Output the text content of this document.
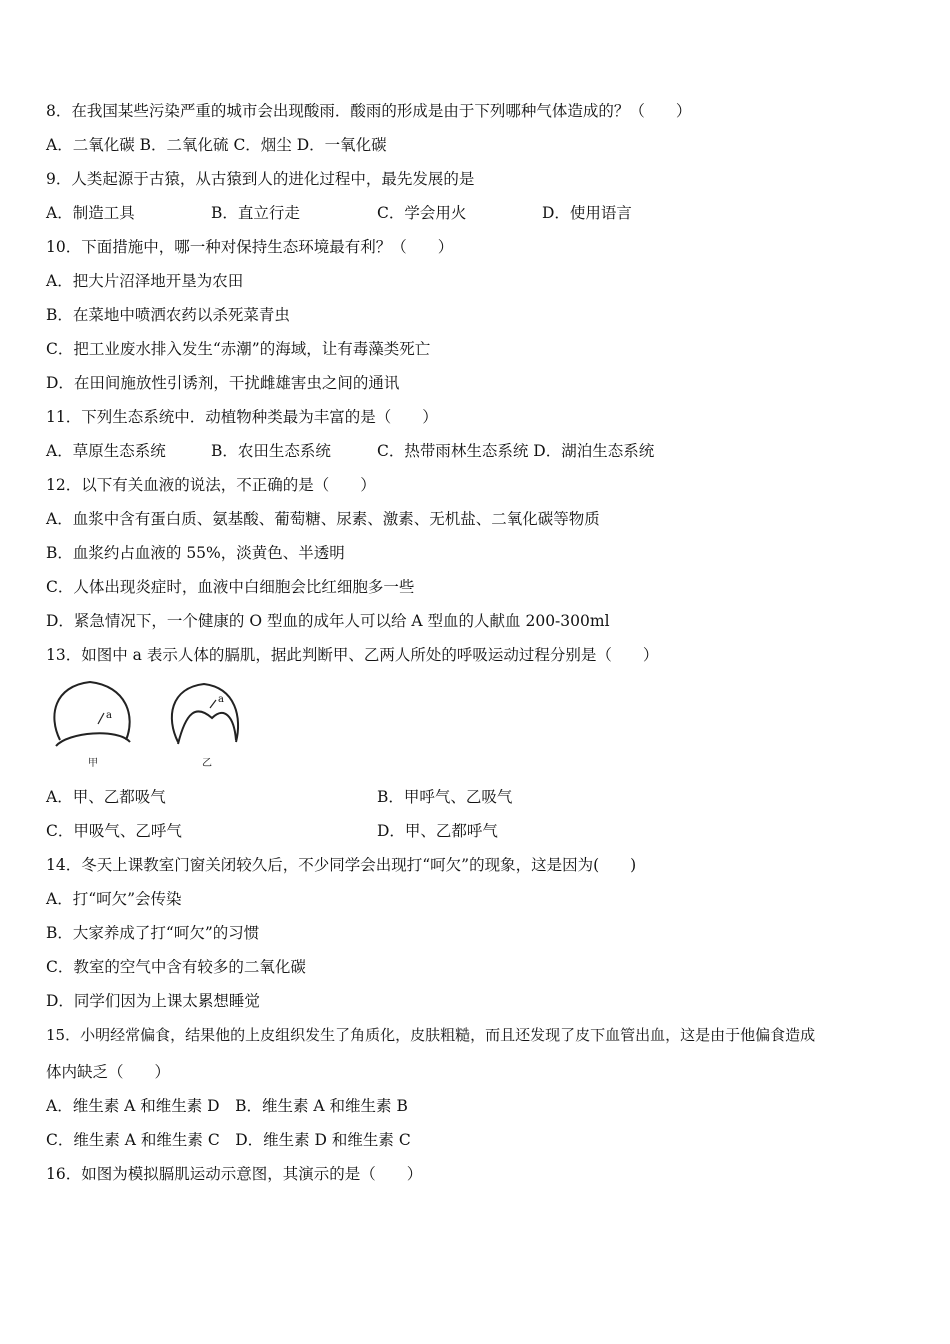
8．在我国某些污染严重的城市会出现酸雨．酸雨的形成是由于下列哪种气体造成的？（　　）
A．二氧化碳 B．二氧化硫 C．烟尘 D．一氧化碳
9．人类起源于古猿，从古猿到人的进化过程中，最先发展的是
A．制造工具	B．直立行走	C．学会用火	D．使用语言
10．下面措施中，哪一种对保持生态环境最有利？（　　）
A．把大片沼泽地开垦为农田
B．在菜地中喷洒农药以杀死菜青虫
C．把工业废水排入发生“赤潮”的海域，让有毒藻类死亡
D．在田间施放性引诱剂，干扰雌雄害虫之间的通讯
11．下列生态系统中．动植物种类最为丰富的是（　　）
A．草原生态系统	B．农田生态系统	C．热带雨林生态系统 D．湖泊生态系统
12．以下有关血液的说法，不正确的是（　　）
A．血浆中含有蛋白质、氨基酸、葡萄糖、尿素、激素、无机盐、二氧化碳等物质
B．血浆约占血液的 55%，淡黄色、半透明
C．人体出现炎症时，血液中白细胞会比红细胞多一些
D．紧急情况下，一个健康的 O 型血的成年人可以给 A 型血的人献血 200-300ml
13．如图中 a 表示人体的膈肌，据此判断甲、乙两人所处的呼吸运动过程分别是（　　）
a
a
甲	乙
A．甲、乙都吸气	B．甲呼气、乙吸气
C．甲吸气、乙呼气	D．甲、乙都呼气
14．冬天上课教室门窗关闭较久后，不少同学会出现打“呵欠”的现象，这是因为(　　)
A．打“呵欠”会传染
B．大家养成了打“呵欠”的习惯
C．教室的空气中含有较多的二氧化碳
D．同学们因为上课太累想睡觉
15．小明经常偏食，结果他的上皮组织发生了角质化，皮肤粗糙，而且还发现了皮下血管出血，这是由于他偏食造成
体内缺乏（　　）
A．维生素 A 和维生素 D　B．维生素 A 和维生素 B
C．维生素 A 和维生素 C　D．维生素 D 和维生素 C
16．如图为模拟膈肌运动示意图，其演示的是（　　）
